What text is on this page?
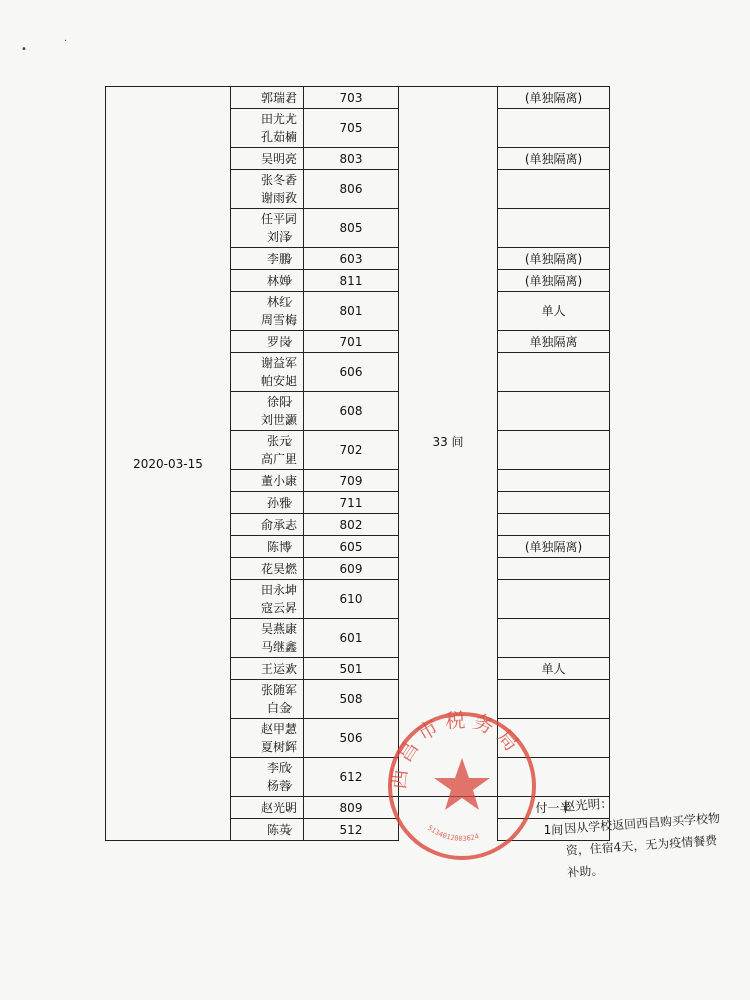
2020-03-15	郭瑞君 ✓	703	33 间	(单独隔离)

	田尤尤 ✓
孔茹楠 ✓	705		

	吴明亮 ✓	803		(单独隔离)

	张冬香 ✓
谢雨孜 ✓	806		

	任平同 ✓
刘泽 ✓	805		

	李鹏 ✓	603		(单独隔离)

	林婵 ✓	811		(单独隔离)

	林红 ✓
周雪梅 ✓	801		单人

	罗岗 ✓	701		单独隔离

	谢益军 ✓
帕安旭 ✓	606		

	徐阳 ✓
刘世灏 ✓	608		

	张元 ✓
高广里 ✓	702		

	董小康 ✓	709		

	孙雅 ✓	711		

	俞承志 ✓	802		

	陈博 ✓	605		(单独隔离)

	花昊燃 ✓	609		

	田永坤 ✓
寇云昇 ✓	610		

	吴燕康 ✓
马继鑫 ✓	601		

	王运欢 ✓	501		单人

	张随军 ✓
白金 ✓	508		

	赵甲慧 ✓
夏树辉 ✓	506		

	李欣 ✓
杨蓉 ✓	612		

	赵光明 ✓	809		付一半

	陈英 ✓	512		1间
西昌市税务局
5134012003624
赵光明：
因从学校返回西昌购买学校物
资，住宿4天，无为疫情餐费
补助。
•
·
